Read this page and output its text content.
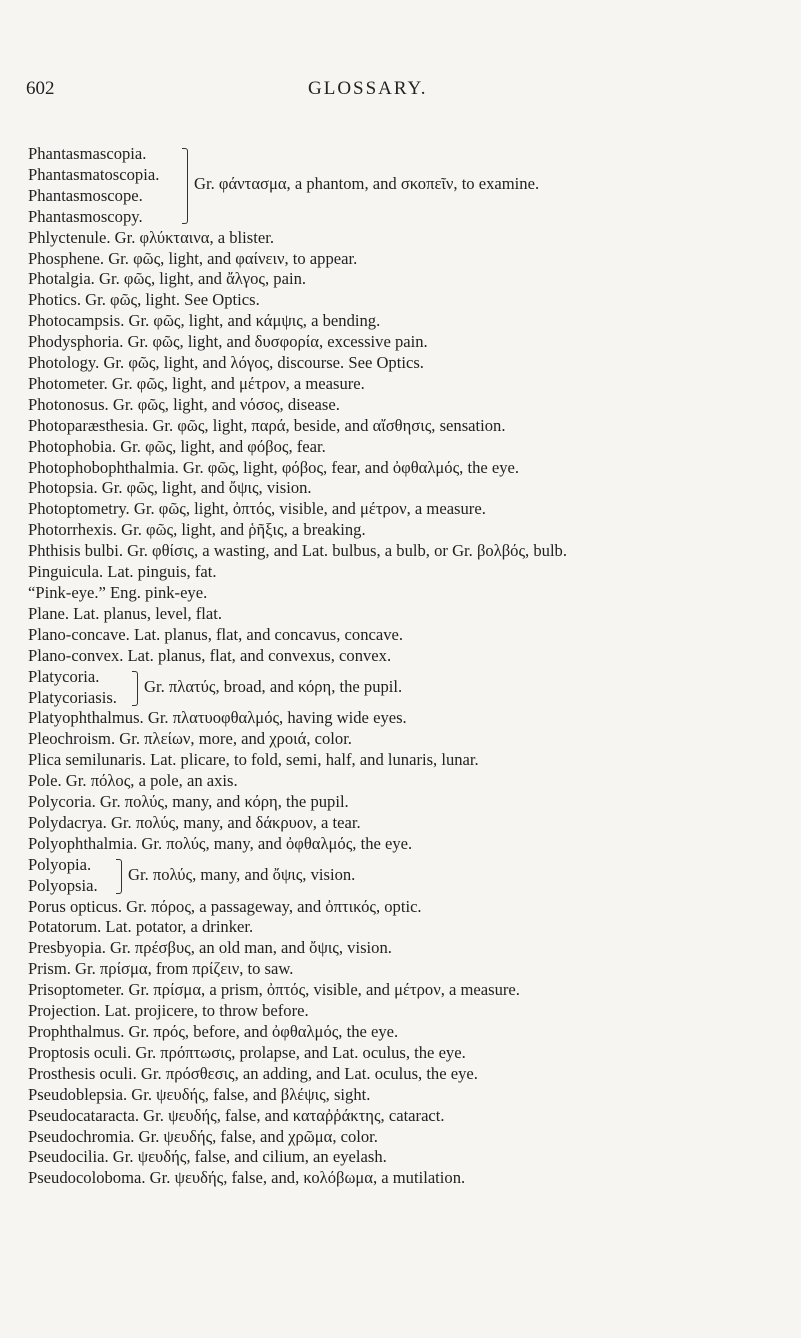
602	GLOSSARY.
Phantasmascopia.
Phantasmatoscopia.
Phantasmoscope.
Phantasmoscopy.
Gr. φάντασμα, a phantom, and σκοπεῖν, to examine.
Phlyctenule. Gr. φλύκταινα, a blister.
Phosphene. Gr. φῶς, light, and φαίνειν, to appear.
Photalgia. Gr. φῶς, light, and ἄλγος, pain.
Photics. Gr. φῶς, light. See Optics.
Photocampsis. Gr. φῶς, light, and κάμψις, a bending.
Phodysphoria. Gr. φῶς, light, and δυσφορία, excessive pain.
Photology. Gr. φῶς, light, and λόγος, discourse. See Optics.
Photometer. Gr. φῶς, light, and μέτρον, a measure.
Photonosus. Gr. φῶς, light, and νόσος, disease.
Photoparæsthesia. Gr. φῶς, light, παρά, beside, and αἴσθησις, sensation.
Photophobia. Gr. φῶς, light, and φόβος, fear.
Photophobophthalmia. Gr. φῶς, light, φόβος, fear, and ὀφθαλμός, the eye.
Photopsia. Gr. φῶς, light, and ὄψις, vision.
Photoptometry. Gr. φῶς, light, ὀπτός, visible, and μέτρον, a measure.
Photorrhexis. Gr. φῶς, light, and ῥῆξις, a breaking.
Phthisis bulbi. Gr. φθίσις, a wasting, and Lat. bulbus, a bulb, or Gr. βολβός, bulb.
Pinguicula. Lat. pinguis, fat.
“Pink-eye.” Eng. pink-eye.
Plane. Lat. planus, level, flat.
Plano-concave. Lat. planus, flat, and concavus, concave.
Plano-convex. Lat. planus, flat, and convexus, convex.
Platycoria.
Platycoriasis.
Gr. πλατύς, broad, and κόρη, the pupil.
Platyophthalmus. Gr. πλατυοφθαλμός, having wide eyes.
Pleochroism. Gr. πλείων, more, and χροιά, color.
Plica semilunaris. Lat. plicare, to fold, semi, half, and lunaris, lunar.
Pole. Gr. πόλος, a pole, an axis.
Polycoria. Gr. πολύς, many, and κόρη, the pupil.
Polydacrya. Gr. πολύς, many, and δάκρυον, a tear.
Polyophthalmia. Gr. πολύς, many, and ὀφθαλμός, the eye.
Polyopia.
Polyopsia.
Gr. πολύς, many, and ὄψις, vision.
Porus opticus. Gr. πόρος, a passageway, and ὀπτικός, optic.
Potatorum. Lat. potator, a drinker.
Presbyopia. Gr. πρέσβυς, an old man, and ὄψις, vision.
Prism. Gr. πρίσμα, from πρίζειν, to saw.
Prisoptometer. Gr. πρίσμα, a prism, ὀπτός, visible, and μέτρον, a measure.
Projection. Lat. projicere, to throw before.
Prophthalmus. Gr. πρός, before, and ὀφθαλμός, the eye.
Proptosis oculi. Gr. πρόπτωσις, prolapse, and Lat. oculus, the eye.
Prosthesis oculi. Gr. πρόσθεσις, an adding, and Lat. oculus, the eye.
Pseudoblepsia. Gr. ψευδής, false, and βλέψις, sight.
Pseudocataracta. Gr. ψευδής, false, and καταῤῥάκτης, cataract.
Pseudochromia. Gr. ψευδής, false, and χρῶμα, color.
Pseudocilia. Gr. ψευδής, false, and cilium, an eyelash.
Pseudocoloboma. Gr. ψευδής, false, and, κολόβωμα, a mutilation.
